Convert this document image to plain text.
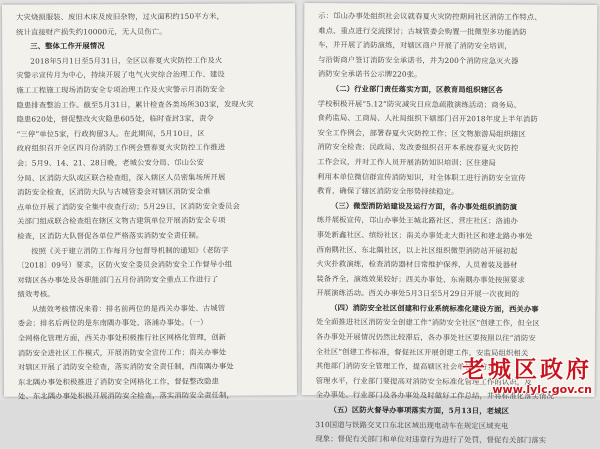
大灾烧损服装、废旧木床及废旧杂物，过火面积约150平方米，
统计直接财产损失约10000元，无人员伤亡。
三、整体工作开展情况
2018年5月1日至5月31日，全区以春夏火灾防控工作及火
灾警示宣传月为中心，持续开展了电气火灾综合治理工作、建设
施工工程施工现场消防安全专项治理工作及火灾警示月消防安全
隐患排查整治工作。截至5月31日，累计检查各类场所303家，发现火灾
隐患620处，督促整改火灾隐患605处，临时查封3家，责令
“三停”单位5家，行政拘留3人。在此期间，5月10日，区
政府组织召开全区四月份消防工作例会暨春夏火灾防控工作推进
会；5月9、14、21、28日晚，老城公安分局、邙山公安
分局、区消防大队或区联合检查组，深入辖区人员密集场所开展
消防安全检查，区消防大队与古城管委会对辖区消防安全重
点单位开展了消防安全集中夜查行动；5月29日，区消防安全委员会
关部门组成联合检查组在辖区文物古建筑单位开展消防安全专项
检查，区消防大队督促各单位严格落实消防安全责任制。
按照《关于建立消防工作每月分包督导机制的通知》（老防字
〔2018〕09号）要求，区防火安全委员会消防安全工作督导小组
对辖区各办事处及各职能部门五月份消防安全重点工作进行了
绩效考核。
从绩效考核情况来看：排名前两位的是西关办事处、古城管
委会；排名后两位的是东南隅办事处、洛浦办事处。（一）
全网格化管理方面，西关办事处积极推行社区网格化管理，创新
消防安全进社区工作模式，开展消防安全宣传工作；南关办事处
对辖区开展了消防安全检查，落实消防安全责任制，西南隅办事处
东北隅办事处积极推进了消防安全网格化工作，督促整改隐患
处、东北隅办事处积极开展消防安全检查，落实消防安全责任制，
示：邙山办事处组织社会议就春夏火灾防控期间社区消防工作特点、
难点、重点进行交流探讨；古城管委会购置一批微型多功能消防
车，并开展了消防演练，对辖区商户开展了消防安全培训，
与沿街商户签订消防安全承诺书，并为200个消防应急灭火器
消防安全承诺书公示牌220张。
（二）行业部门责任落实方面，区教育局组织辖区各
学校积极开展“5.12”防灾减灾日应急疏散演练活动；商务局、
食药监局、工商局、人社局组织下辖部门召开2018年度上半年消防
安全工作例会，部署春夏火灾防控工作；区文物旅游局组织辖区
消防安全检查；民政局、发改委组织召开本系统春夏火灾防控
工作会议，并对工作人员开展消防知识培训；区住建局
利用本单位微信群宣传消防知识，对全体职工进行消防安全宣传
教育，确保了辖区消防安全形势持续稳定。
（三）微型消防站建设及运行方面，各办事处组织消防演
练并展板宣传，邙山办事处王城北路社区、营庄社区；洛浦办
事处新鑫社区、缤纷社区；南关办事处北大街社区和建北路办事处
西南隅社区、东北隅社区，以上社区组织微型消防站开展初起
火灾扑救演练，检查消防器材日常维护保养，人员着装及器材
装备齐全，演练效果较好；西关办事处、东南隅办事处按照要求
开展演练活动。西关办事处5月3日至5月29日开展一次夜间的
（四）消防安全社区创建和行业系统标准化建设方面，西关办事
处全面推进社区消防安全创建工作“消防安全社区”创建工作，但全区
各办事处开展情况仍然比较滞后，各办事处社区要按照以往“消防安
全社区”创建工作标准，督促社区开展创建工作，安监局组织相关
其他部门消防安全管理工作，提高辖区社会单位消防安全
管理水平，行业部门要提高对消防安全标准化管理工作的认识，及
全办事处、行业部门及各办事处及时做好工作总结，并将标准化落实情况
（五）区防火督导办事项落实方面，5月13日，老城区
310国道与铁路交叉口东北区域出现电动车在规定区域充电
现象；督促有关部门和单位对违章行为进行了处罚，督促有关部门落实
老城区政府
www.lylc.gov.cn
